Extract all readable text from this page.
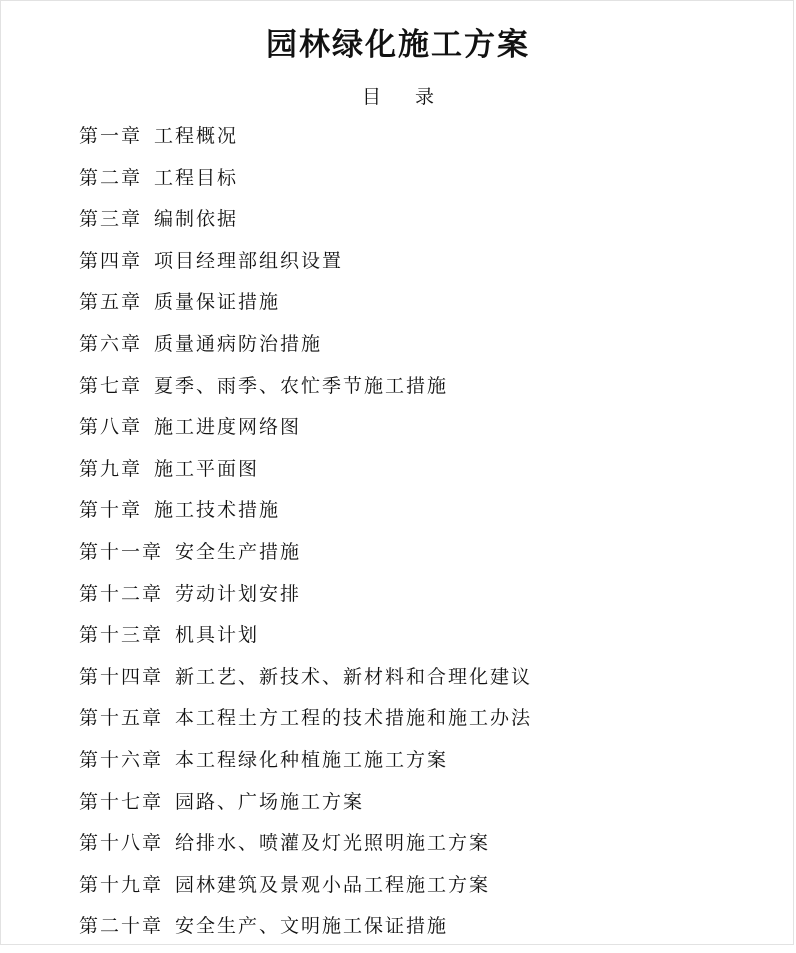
园林绿化施工方案
目 录
第一章 工程概况
第二章 工程目标
第三章 编制依据
第四章 项目经理部组织设置
第五章 质量保证措施
第六章 质量通病防治措施
第七章 夏季、雨季、农忙季节施工措施
第八章 施工进度网络图
第九章 施工平面图
第十章 施工技术措施
第十一章 安全生产措施
第十二章 劳动计划安排
第十三章 机具计划
第十四章 新工艺、新技术、新材料和合理化建议
第十五章 本工程土方工程的技术措施和施工办法
第十六章 本工程绿化种植施工施工方案
第十七章 园路、广场施工方案
第十八章 给排水、喷灌及灯光照明施工方案
第十九章 园林建筑及景观小品工程施工方案
第二十章 安全生产、文明施工保证措施
